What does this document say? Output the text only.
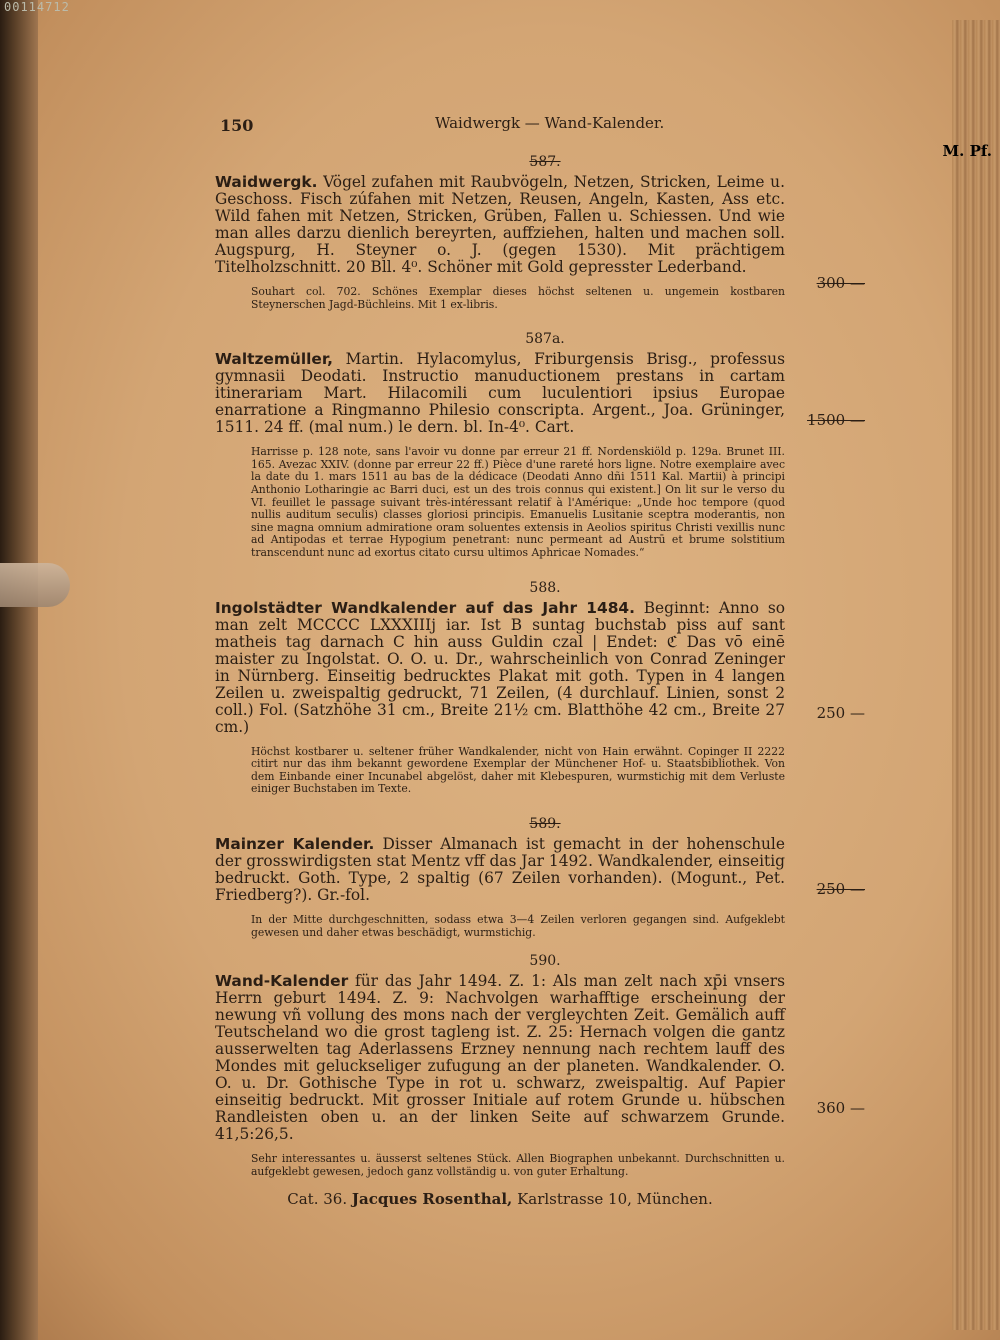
00114712
M. Pf.
150	Waidwergk — Wand-Kalender.
587.

Waidwergk. Vögel zufahen mit Raubvögeln, Netzen, Stricken, Leime u. Geschoss. Fisch zúfahen mit Netzen, Reusen, Angeln, Kasten, Ass etc. Wild fahen mit Netzen, Stricken, Grüben, Fallen u. Schiessen. Und wie man alles darzu dienlich bereyrten, auffziehen, halten und machen soll. Augspurg, H. Steyner o. J. (gegen 1530). Mit prächtigem Titelholzschnitt. 20 Bll. 4⁰. Schöner mit Gold gepresster Lederband.

300 —

Souhart col. 702. Schönes Exemplar dieses höchst seltenen u. ungemein kostbaren Steynerschen Jagd-Büchleins. Mit 1 ex-libris.

587a.

Waltzemüller, Martin. Hylacomylus, Friburgensis Brisg., professus gymnasii Deodati. Instructio manuductionem prestans in cartam itinerariam Mart. Hilacomili cum luculentiori ipsius Europae enarratione a Ringmanno Philesio conscripta. Argent., Joa. Grüninger, 1511. 24 ff. (mal num.) le dern. bl. In-4⁰. Cart.	1500 —

Harrisse p. 128 note, sans l'avoir vu donne par erreur 21 ff. Nordenskiöld p. 129a. Brunet III. 165. Avezac XXIV. (donne par erreur 22 ff.) Pièce d'une rareté hors ligne. Notre exemplaire avec la date du 1. mars 1511 au bas de la dédicace (Deodati Anno dñi 1511 Kal. Martii) à principi Anthonio Lotharingie ac Barri duci, est un des trois connus qui existent.] On lit sur le verso du VI. feuillet le passage suivant très-intéressant relatif à l'Amérique: „Unde hoc tempore (quod nullis auditum seculis) classes gloriosi principis. Emanuelis Lusitanie sceptra moderantis, non sine magna omnium admiratione oram soluentes extensis in Aeolios spiritus Christi vexillis nunc ad Antipodas et terrae Hypogium penetrant: nunc permeant ad Austrū et brume solstitium transcendunt nunc ad exortus citato cursu ultimos Aphricae Nomades.“

588.

Ingolstädter Wandkalender auf das Jahr 1484. Beginnt: Anno so man zelt MCCCC LXXXIIIj iar. Ist B suntag buchstab piss auf sant matheis tag darnach C hin auss Guldin czal | Endet: ℭ Das vō einē maister zu Ingolstat. O. O. u. Dr., wahrscheinlich von Conrad Zeninger in Nürnberg. Einseitig bedrucktes Plakat mit goth. Typen in 4 langen Zeilen u. zweispaltig gedruckt, 71 Zeilen, (4 durchlauf. Linien, sonst 2 coll.) Fol. (Satzhöhe 31 cm., Breite 21½ cm. Blatthöhe 42 cm., Breite 27 cm.)

250 —

Höchst kostbarer u. seltener früher Wandkalender, nicht von Hain erwähnt. Copinger II 2222 citirt nur das ihm bekannt gewordene Exemplar der Münchener Hof- u. Staatsbibliothek. Von dem Einbande einer Incunabel abgelöst, daher mit Klebespuren, wurmstichig mit dem Verluste einiger Buchstaben im Texte.

589.

Mainzer Kalender. Disser Almanach ist gemacht in der hohenschule der grosswirdigsten stat Mentz vff das Jar 1492. Wandkalender, einseitig bedruckt. Goth. Type, 2 spaltig (67 Zeilen vorhanden). (Mogunt., Pet. Friedberg?). Gr.-fol.	250 —

In der Mitte durchgeschnitten, sodass etwa 3—4 Zeilen verloren gegangen sind. Aufgeklebt gewesen und daher etwas beschädigt, wurmstichig.

590.

Wand-Kalender für das Jahr 1494. Z. 1: Als man zelt nach xp̄i vnsers Herrn geburt 1494. Z. 9: Nachvolgen warhafftige erscheinung der newung vñ vollung des mons nach der vergleychten Zeit. Gemälich auff Teutscheland wo die grost tagleng ist. Z. 25: Hernach volgen die gantz ausserwelten tag Aderlassens Erzney nennung nach rechtem lauff des Mondes mit geluckseliger zufugung an der planeten. Wandkalender. O. O. u. Dr. Gothische Type in rot u. schwarz, zweispaltig. Auf Papier einseitig bedruckt. Mit grosser Initiale auf rotem Grunde u. hübschen Randleisten oben u. an der linken Seite auf schwarzem Grunde. 41,5:26,5.

360 —

Sehr interessantes u. äusserst seltenes Stück. Allen Biographen unbekannt. Durchschnitten u. aufgeklebt gewesen, jedoch ganz vollständig u. von guter Erhaltung.

Cat. 36. Jacques Rosenthal, Karlstrasse 10, München.
